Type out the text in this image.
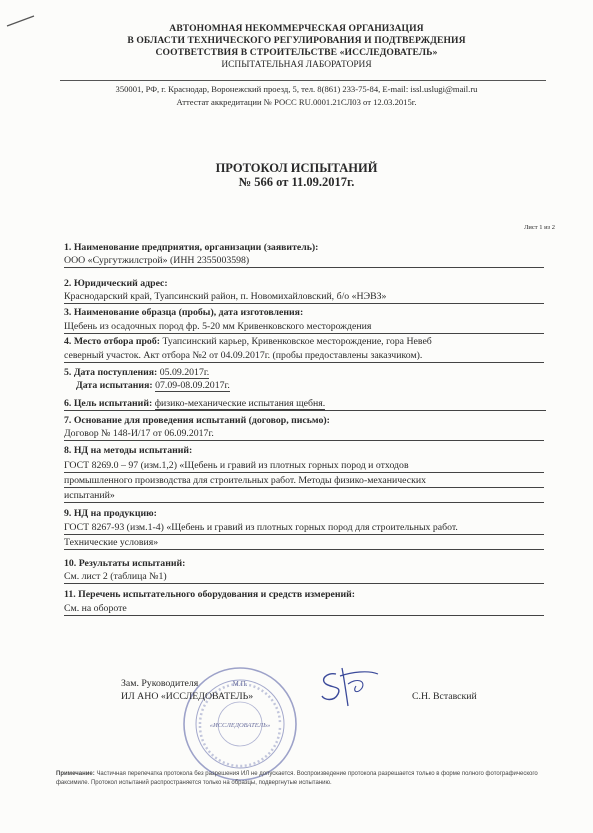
АВТОНОМНАЯ НЕКОММЕРЧЕСКАЯ ОРГАНИЗАЦИЯ
В ОБЛАСТИ ТЕХНИЧЕСКОГО РЕГУЛИРОВАНИЯ И ПОДТВЕРЖДЕНИЯ
СООТВЕТСТВИЯ В СТРОИТЕЛЬСТВЕ «ИССЛЕДОВАТЕЛЬ»
ИСПЫТАТЕЛЬНАЯ ЛАБОРАТОРИЯ
350001, РФ, г. Краснодар, Воронежский проезд, 5, тел. 8(861) 233-75-84, E-mail: issl.uslugi@mail.ru
Аттестат аккредитации № РОСС RU.0001.21СЛ03 от 12.03.2015г.
ПРОТОКОЛ ИСПЫТАНИЙ
№ 566 от 11.09.2017г.
Лист 1 из 2
1. Наименование предприятия, организации (заявитель):
ООО «Сургутжилстрой» (ИНН 2355003598)
2. Юридический адрес:
Краснодарский край, Туапсинский район, п. Новомихайловский, б/о «НЭВЗ»
3. Наименование образца (пробы), дата изготовления:
Щебень из осадочных пород фр. 5-20 мм Кривенковского месторождения
4. Место отбора проб: Туапсинский карьер, Кривенковское месторождение, гора Невеб
северный участок. Акт отбора №2 от 04.09.2017г. (пробы предоставлены заказчиком).
5. Дата поступления: 05.09.2017г.
Дата испытания: 07.09-08.09.2017г.
6. Цель испытаний: физико-механические испытания щебня.
7. Основание для проведения испытаний (договор, письмо):
Договор № 148-И/17 от 06.09.2017г.
8. НД на методы испытаний:
ГОСТ 8269.0 – 97 (изм.1,2) «Щебень и гравий из плотных горных пород и отходов
промышленного производства для строительных работ. Методы физико-механических
испытаний»
9. НД на продукцию:
ГОСТ 8267-93 (изм.1-4) «Щебень и гравий из плотных горных пород для строительных работ.
Технические условия»
10. Результаты испытаний:
См. лист 2 (таблица №1)
11. Перечень испытательного оборудования и средств измерений:
См. на обороте
М.П.
«ИССЛЕДОВАТЕЛЬ»
Зам. Руководителя
ИЛ АНО «ИССЛЕДОВАТЕЛЬ»	С.Н. Вставский
Примечание: Частичная перепечатка протокола без разрешения ИЛ не допускается. Воспроизведение протокола разрешается только в форме полного фотографического факсимиле. Протокол испытаний распространяется только на образцы, подвергнутые испытанию.
